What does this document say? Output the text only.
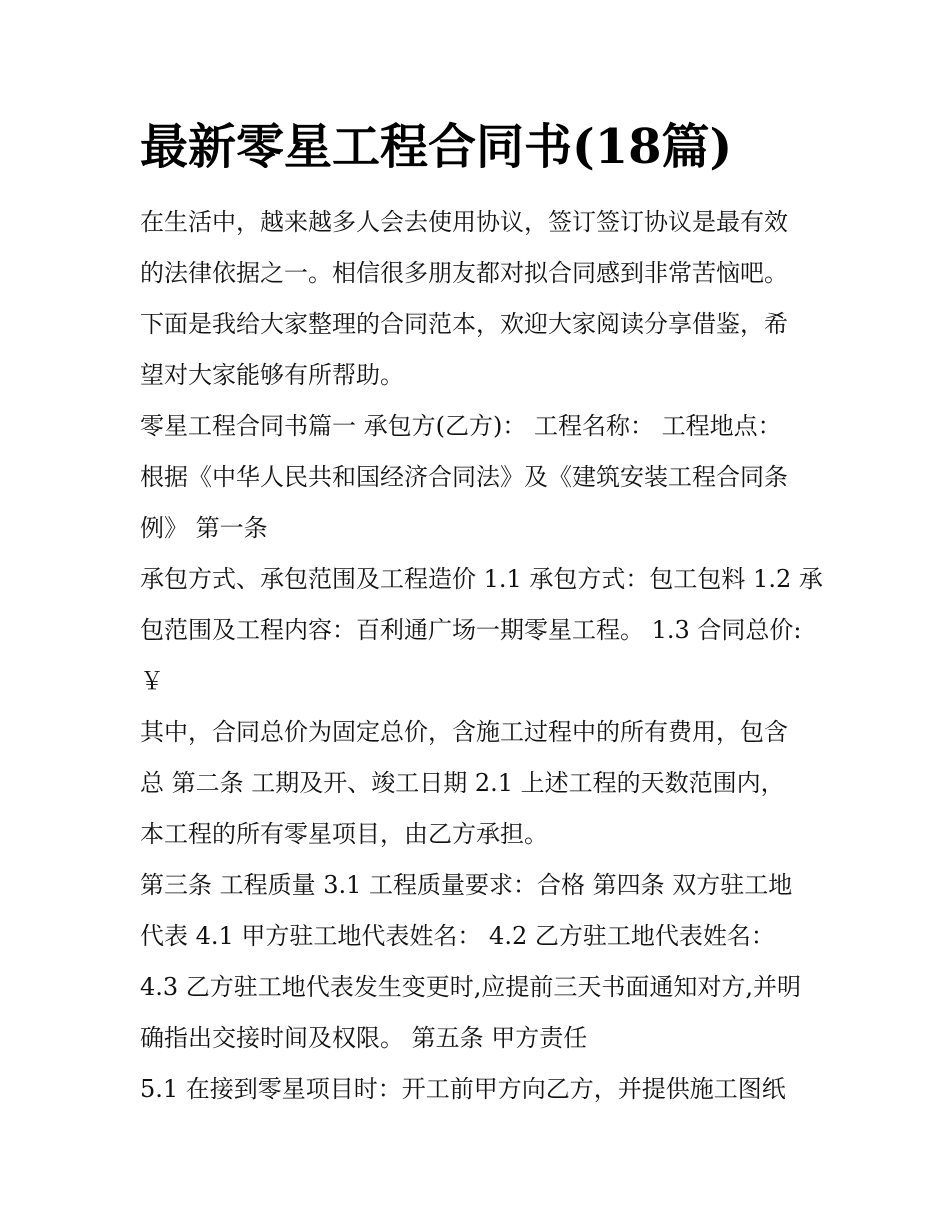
最新零星工程合同书(18篇)

在生活中，越来越多人会去使用协议，签订签订协议是最有效

的法律依据之一。相信很多朋友都对拟合同感到非常苦恼吧。

下面是我给大家整理的合同范本，欢迎大家阅读分享借鉴，希

望对大家能够有所帮助。

零星工程合同书篇一 承包方(乙方)： 工程名称： 工程地点：

根据《中华人民共和国经济合同法》及《建筑安装工程合同条

例》 第一条

承包方式、承包范围及工程造价 1.1 承包方式：包工包料 1.2 承

包范围及工程内容：百利通广场一期零星工程。 1.3 合同总价:

￥

其中，合同总价为固定总价，含施工过程中的所有费用，包含

总 第二条 工期及开、竣工日期 2.1 上述工程的天数范围内，

本工程的所有零星项目，由乙方承担。

第三条 工程质量 3.1 工程质量要求：合格 第四条 双方驻工地

代表 4.1 甲方驻工地代表姓名： 4.2 乙方驻工地代表姓名：

4.3 乙方驻工地代表发生变更时,应提前三天书面通知对方,并明

确指出交接时间及权限。 第五条 甲方责任

5.1 在接到零星项目时：开工前甲方向乙方，并提供施工图纸
